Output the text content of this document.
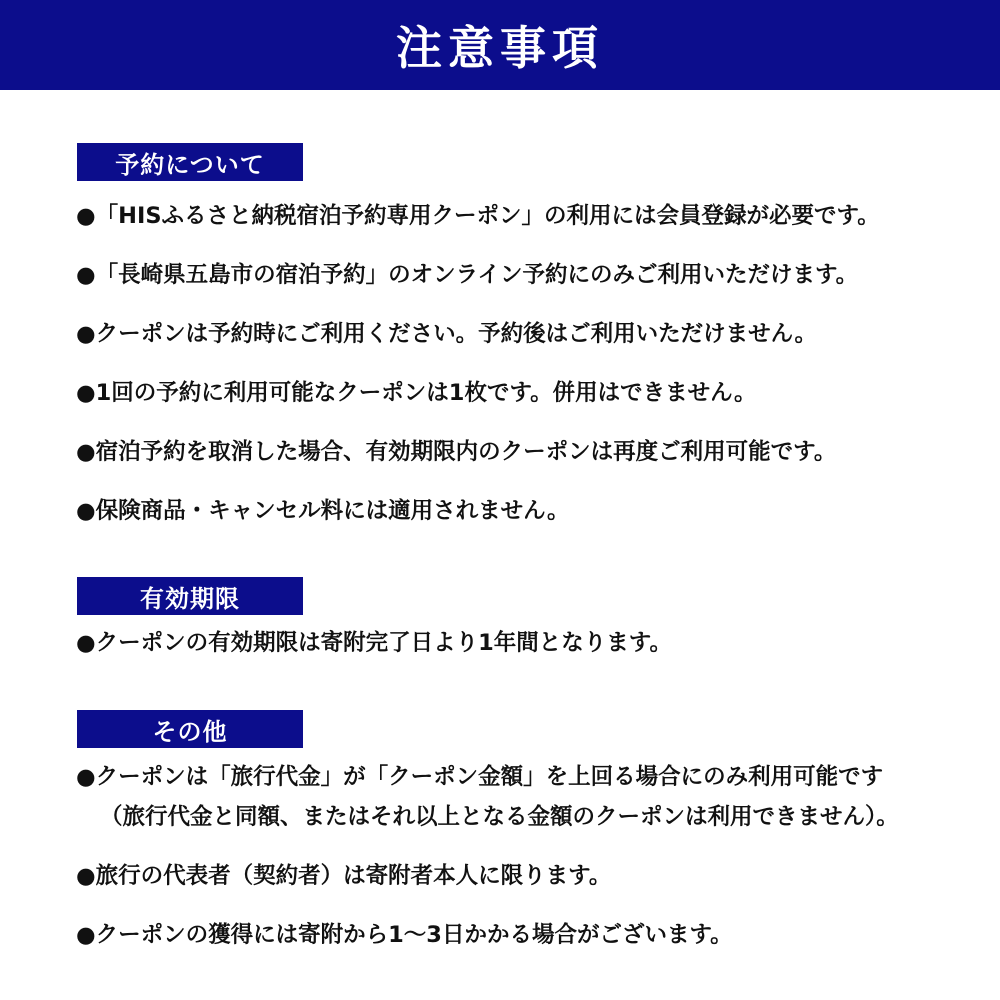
注意事項
予約について
●「HISふるさと納税宿泊予約専用クーポン」の利用には会員登録が必要です。
●「長崎県五島市の宿泊予約」のオンライン予約にのみご利用いただけます。
●クーポンは予約時にご利用ください。予約後はご利用いただけません。
●1回の予約に利用可能なクーポンは1枚です。併用はできません。
●宿泊予約を取消した場合、有効期限内のクーポンは再度ご利用可能です。
●保険商品・キャンセル料には適用されません。
有効期限
●クーポンの有効期限は寄附完了日より1年間となります。
その他
●クーポンは「旅行代金」が「クーポン金額」を上回る場合にのみ利用可能です
（旅行代金と同額、またはそれ以上となる金額のクーポンは利用できません）。
●旅行の代表者（契約者）は寄附者本人に限ります。
●クーポンの獲得には寄附から1～3日かかる場合がございます。
